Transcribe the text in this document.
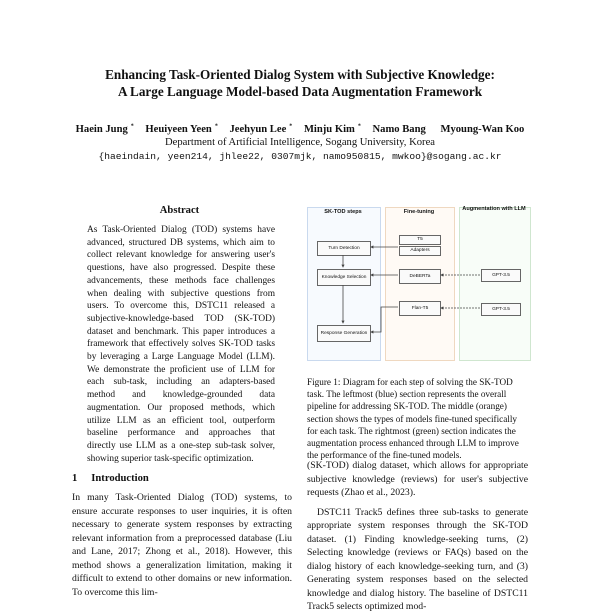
Enhancing Task-Oriented Dialog System with Subjective Knowledge:
A Large Language Model-based Data Augmentation Framework
Haein Jung * Heuiyeen Yeen * Jeehyun Lee * Minju Kim * Namo Bang Myoung-Wan Koo
Department of Artificial Intelligence, Sogang University, Korea
{haeindain, yeen214, jhlee22, 0307mjk, namo950815, mwkoo}@sogang.ac.kr
Abstract
As Task-Oriented Dialog (TOD) systems have advanced, structured DB systems, which aim to collect relevant knowledge for answering user's questions, have also progressed. Despite these advancements, these methods face challenges when dealing with subjective questions from users. To overcome this, DSTC11 released a subjective-knowledge-based TOD (SK-TOD) dataset and benchmark. This paper introduces a framework that effectively solves SK-TOD tasks by leveraging a Large Language Model (LLM). We demonstrate the proficient use of LLM for each sub-task, including an adapters-based method and knowledge-grounded data augmentation. Our proposed methods, which utilize LLM as an efficient tool, outperform baseline performance and approaches that directly use LLM as a one-step sub-task solver, showing superior task-specific optimization.
1 Introduction
In many Task-Oriented Dialog (TOD) systems, to ensure accurate responses to user inquiries, it is often necessary to generate system responses by extracting relevant information from a preprocessed database (Liu and Lane, 2017; Zhong et al., 2018). However, this method shows a generalization limitation, making it difficult to extend to other domains or new information. To overcome this lim-
SK-TOD steps	Fine-tuning	Augmentation with LLM
Turn Detection
Knowledge Selection
Response Generation
T5
Adapters
DeBERTa
Flan-T5
GPT-3.5
GPT-3.5
Figure 1: Diagram for each step of solving the SK-TOD task. The leftmost (blue) section represents the overall pipeline for addressing SK-TOD. The middle (orange) section shows the types of models fine-tuned specifically for each task. The rightmost (green) section indicates the augmentation process enhanced through LLM to improve the performance of the fine-tuned models.

(SK-TOD) dialog dataset, which allows for appropriate subjective knowledge (reviews) for user's subjective requests (Zhao et al., 2023).

DSTC11 Track5 defines three sub-tasks to generate appropriate system responses through the SK-TOD dataset. (1) Finding knowledge-seeking turns, (2) Selecting knowledge (reviews or FAQs) based on the dialog history of each knowledge-seeking turn, and (3) Generating system responses based on the selected knowledge and dialog history. The baseline of DSTC11 Track5 selects optimized mod-
